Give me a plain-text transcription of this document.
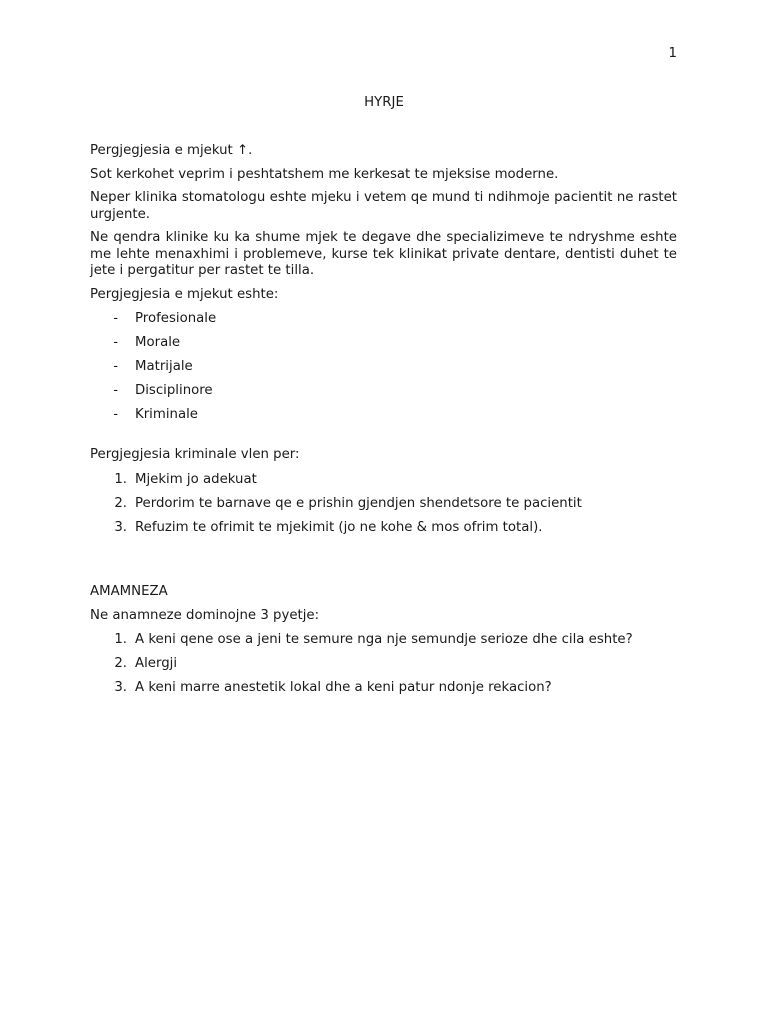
1
HYRJE

Pergjegjesia e mjekut ↑.

Sot kerkohet veprim i peshtatshem me kerkesat te mjeksise moderne.

Neper klinika stomatologu eshte mjeku i vetem qe mund ti ndihmoje pacientit ne rastet urgjente.

Ne qendra klinike ku ka shume mjek te degave dhe specializimeve te ndryshme eshte me lehte menaxhimi i problemeve, kurse tek klinikat private dentare, dentisti duhet te jete i pergatitur per rastet te tilla.

Pergjegjesia e mjekut eshte:

- Profesionale
- Morale
- Matrijale
- Disciplinore
- Kriminale

Pergjegjesia kriminale vlen per:

1. Mjekim jo adekuat
2. Perdorim te barnave qe e prishin gjendjen shendetsore te pacientit
3. Refuzim te ofrimit te mjekimit (jo ne kohe & mos ofrim total).

AMAMNEZA

Ne anamneze dominojne 3 pyetje:

1. A keni qene ose a jeni te semure nga nje semundje serioze dhe cila eshte?
2. Alergji
3. A keni marre anestetik lokal dhe a keni patur ndonje rekacion?
